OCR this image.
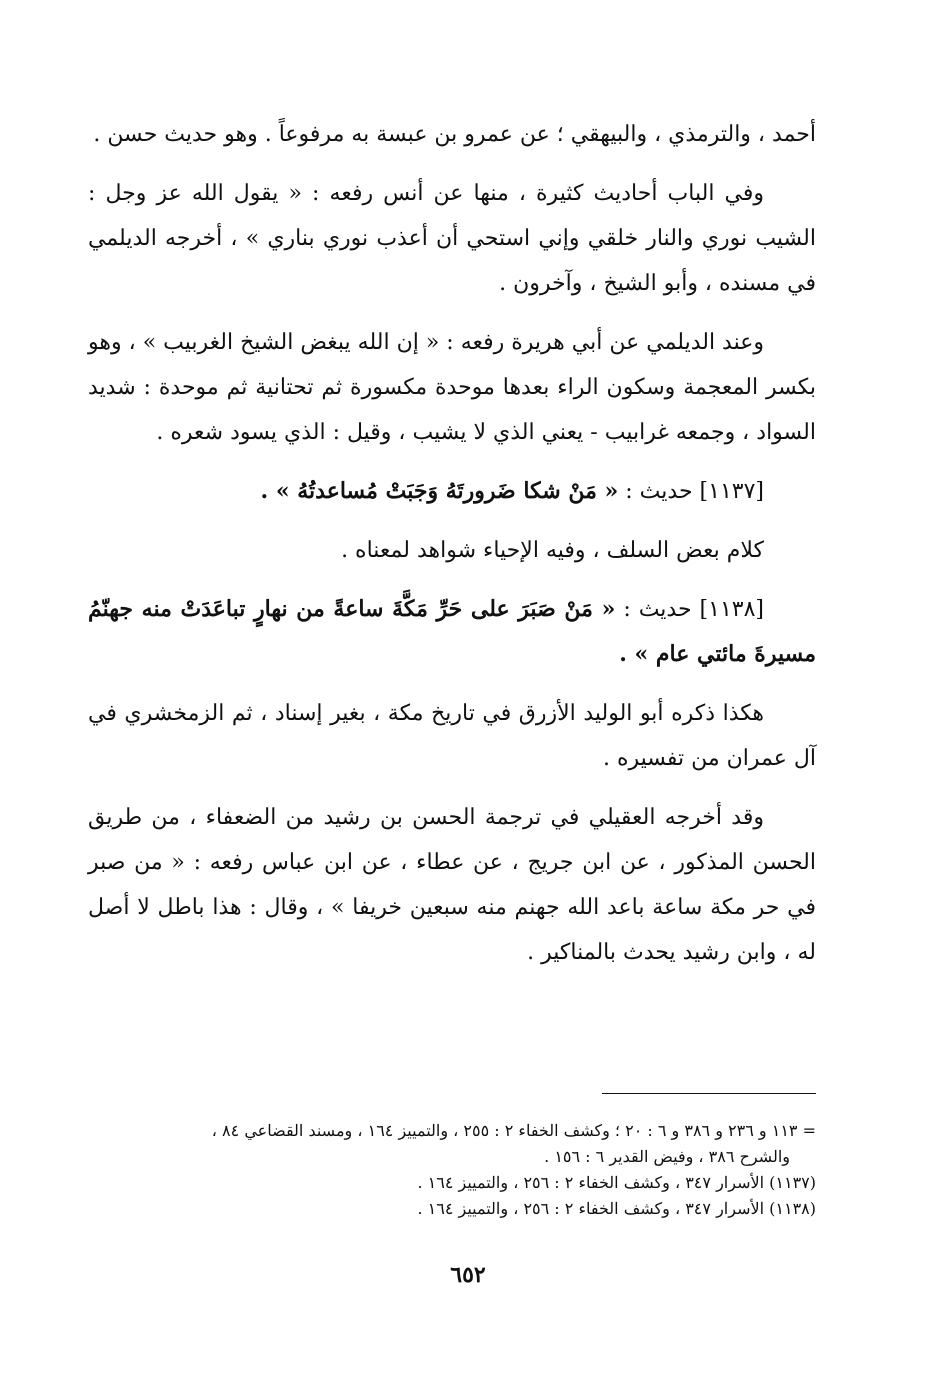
أحمد ، والترمذي ، والبيهقي ؛ عن عمرو بن عبسة به مرفوعاً . وهو حديث حسن .

وفي الباب أحاديث كثيرة ، منها عن أنس رفعه : « يقول الله عز وجل : الشيب نوري والنار خلقي وإني استحي أن أعذب نوري بناري » ، أخرجه الديلمي في مسنده ، وأبو الشيخ ، وآخرون .

وعند الديلمي عن أبي هريرة رفعه : « إن الله يبغض الشيخ الغربيب » ، وهو بكسر المعجمة وسكون الراء بعدها موحدة مكسورة ثم تحتانية ثم موحدة : شديد السواد ، وجمعه غرابيب - يعني الذي لا يشيب ، وقيل : الذي يسود شعره .

[١١٣٧] حديث : « مَنْ شكا ضَرورتَهُ وَجَبَتْ مُساعدتُهُ » .

كلام بعض السلف ، وفيه الإحياء شواهد لمعناه .

[١١٣٨] حديث : « مَنْ صَبَرَ على حَرِّ مَكَّةَ ساعةً من نهارٍ تباعَدَتْ منه جهنّمُ مسيرةَ مائتي عام » .

هكذا ذكره أبو الوليد الأزرق في تاريخ مكة ، بغير إسناد ، ثم الزمخشري في آل عمران من تفسيره .

وقد أخرجه العقيلي في ترجمة الحسن بن رشيد من الضعفاء ، من طريق الحسن المذكور ، عن ابن جريج ، عن عطاء ، عن ابن عباس رفعه : « من صبر في حر مكة ساعة باعد الله جهنم منه سبعين خريفا » ، وقال : هذا باطل لا أصل له ، وابن رشيد يحدث بالمناكير .

= ١١٣ و ٢٣٦ و ٣٨٦ و ٦ : ٢٠ ؛ وكشف الخفاء ٢ : ٢٥٥ ، والتمييز ١٦٤ ، ومسند القضاعي ٨٤ ،

والشرح ٣٨٦ ، وفيض القدير ٦ : ١٥٦ .

(١١٣٧) الأسرار ٣٤٧ ، وكشف الخفاء ٢ : ٢٥٦ ، والتمييز ١٦٤ .

(١١٣٨) الأسرار ٣٤٧ ، وكشف الخفاء ٢ : ٢٥٦ ، والتمييز ١٦٤ .

٦٥٢
